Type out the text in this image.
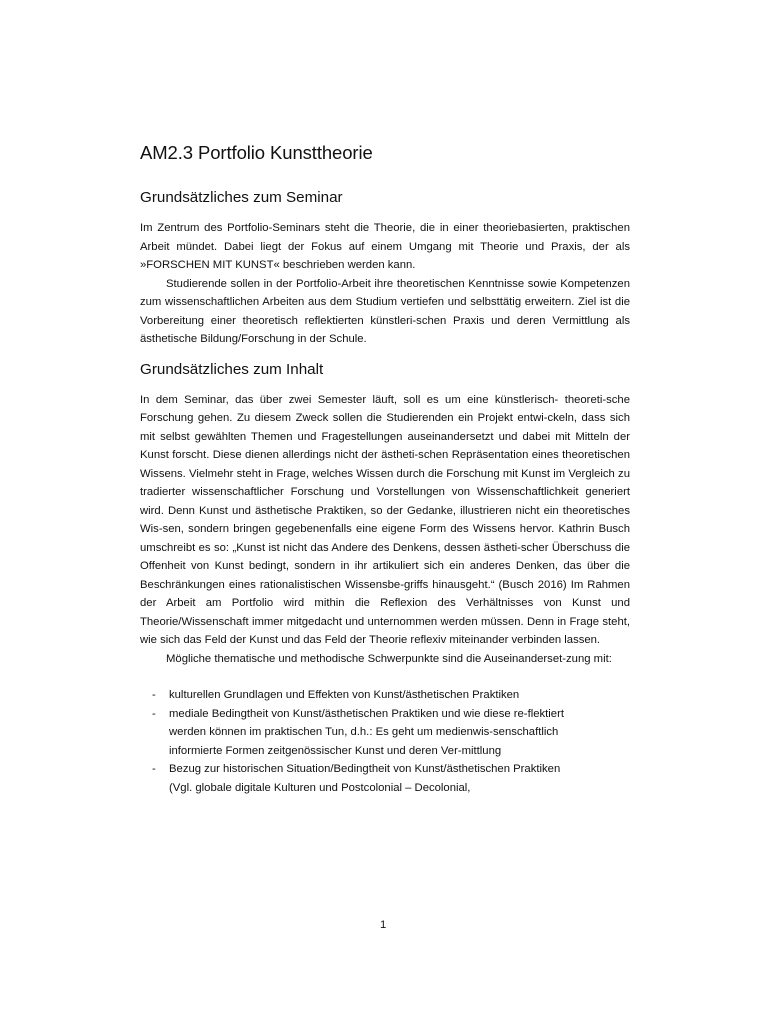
AM2.3 Portfolio Kunsttheorie
Grundsätzliches zum Seminar

Im Zentrum des Portfolio-Seminars steht die Theorie, die in einer theoriebasierten, praktischen Arbeit mündet. Dabei liegt der Fokus auf einem Umgang mit Theorie und Praxis, der als »FORSCHEN MIT KUNST« beschrieben werden kann.

Studierende sollen in der Portfolio-Arbeit ihre theoretischen Kenntnisse sowie Kompetenzen zum wissenschaftlichen Arbeiten aus dem Studium vertiefen und selbsttätig erweitern. Ziel ist die Vorbereitung einer theoretisch reflektierten künstleri-schen Praxis und deren Vermittlung als ästhetische Bildung/Forschung in der Schule.

Grundsätzliches zum Inhalt

In dem Seminar, das über zwei Semester läuft, soll es um eine künstlerisch- theoreti-sche Forschung gehen. Zu diesem Zweck sollen die Studierenden ein Projekt entwi-ckeln, dass sich mit selbst gewählten Themen und Fragestellungen auseinandersetzt und dabei mit Mitteln der Kunst forscht. Diese dienen allerdings nicht der ästheti-schen Repräsentation eines theoretischen Wissens. Vielmehr steht in Frage, welches Wissen durch die Forschung mit Kunst im Vergleich zu tradierter wissenschaftlicher Forschung und Vorstellungen von Wissenschaftlichkeit generiert wird. Denn Kunst und ästhetische Praktiken, so der Gedanke, illustrieren nicht ein theoretisches Wis-sen, sondern bringen gegebenenfalls eine eigene Form des Wissens hervor. Kathrin Busch umschreibt es so: „Kunst ist nicht das Andere des Denkens, dessen ästheti-scher Überschuss die Offenheit von Kunst bedingt, sondern in ihr artikuliert sich ein anderes Denken, das über die Beschränkungen eines rationalistischen Wissensbe-griffs hinausgeht.“ (Busch 2016) Im Rahmen der Arbeit am Portfolio wird mithin die Reflexion des Verhältnisses von Kunst und Theorie/Wissenschaft immer mitgedacht und unternommen werden müssen. Denn in Frage steht, wie sich das Feld der Kunst und das Feld der Theorie reflexiv miteinander verbinden lassen.

Mögliche thematische und methodische Schwerpunkte sind die Auseinanderset-zung mit:

- kulturellen Grundlagen und Effekten von Kunst/ästhetischen Praktiken
- mediale Bedingtheit von Kunst/ästhetischen Praktiken und wie diese re-flektiert werden können im praktischen Tun, d.h.: Es geht um medienwis-senschaftlich informierte Formen zeitgenössischer Kunst und deren Ver-mittlung
- Bezug zur historischen Situation/Bedingtheit von Kunst/ästhetischen Praktiken (Vgl. globale digitale Kulturen und Postcolonial – Decolonial,
1
